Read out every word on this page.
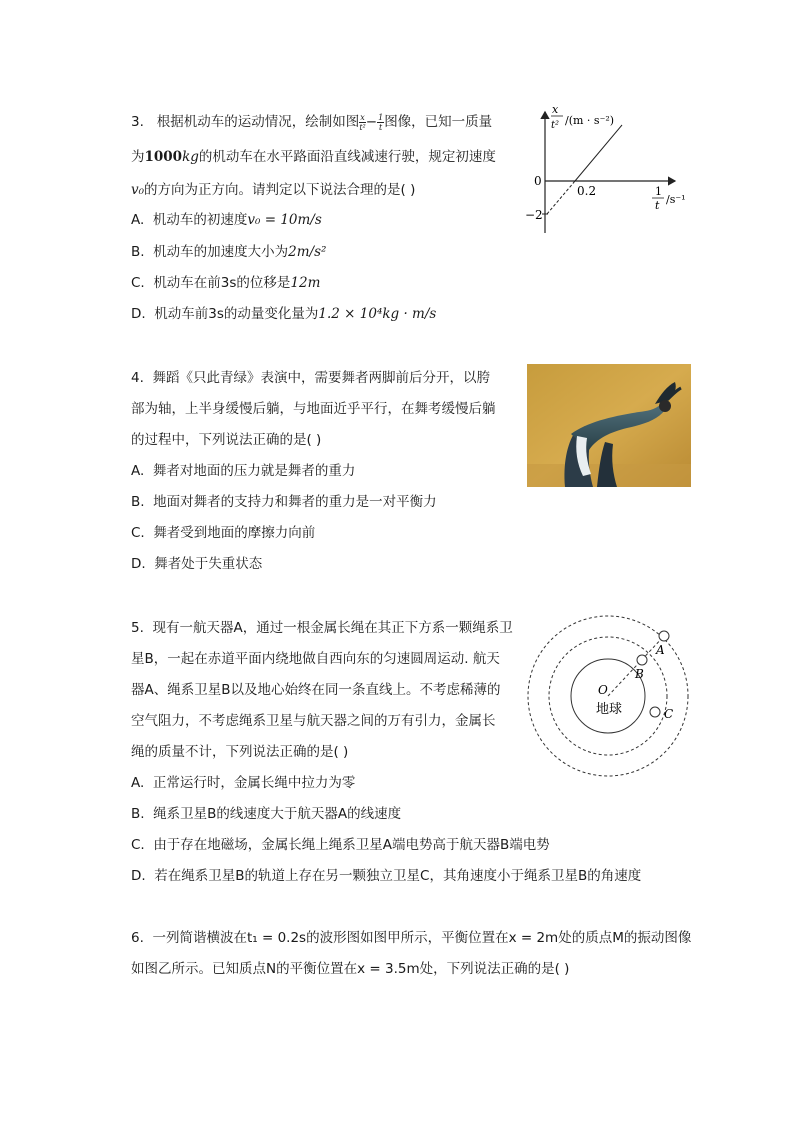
3. 根据机动车的运动情况，绘制如图 $\frac{x}{\text{t²}} - \frac{1}{t}$ 图像，已知一质量
为1000kg的机动车在水平路面沿直线减速行驶，规定初速度
v₀的方向为正方向。请判定以下说法合理的是( )
A. 机动车的初速度v₀ = 10m/s
B. 机动车的加速度大小为2m/s²
C. 机动车在前3s的位移是12m
D. 机动车前3s的动量变化量为1.2 × 10⁴kg · m/s
x
t² /(m · s⁻²)
0
0.2
−2
1
t /s⁻¹
4. 舞蹈《只此青绿》表演中，需要舞者两脚前后分开，以胯
部为轴，上半身缓慢后躺，与地面近乎平行，在舞考缓慢后躺
的过程中，下列说法正确的是( )
A. 舞者对地面的压力就是舞者的重力
B. 地面对舞者的支持力和舞者的重力是一对平衡力
C. 舞者受到地面的摩擦力向前
D. 舞者处于失重状态
5. 现有一航天器A，通过一根金属长绳在其正下方系一颗绳系卫
星B，一起在赤道平面内绕地做自西向东的匀速圆周运动. 航天
器A、绳系卫星B以及地心始终在同一条直线上。不考虑稀薄的
空气阻力，不考虑绳系卫星与航天器之间的万有引力，金属长
绳的质量不计，下列说法正确的是( )
A. 正常运行时，金属长绳中拉力为零
B. 绳系卫星B的线速度大于航天器A的线速度
C. 由于存在地磁场，金属长绳上绳系卫星A端电势高于航天器B端电势
D. 若在绳系卫星B的轨道上存在另一颗独立卫星C，其角速度小于绳系卫星B的角速度
O
地球
A
B
C
6. 一列简谐横波在t₁ = 0.2s的波形图如图甲所示，平衡位置在x = 2m处的质点M的振动图像
如图乙所示。已知质点N的平衡位置在x = 3.5m处，下列说法正确的是( )
